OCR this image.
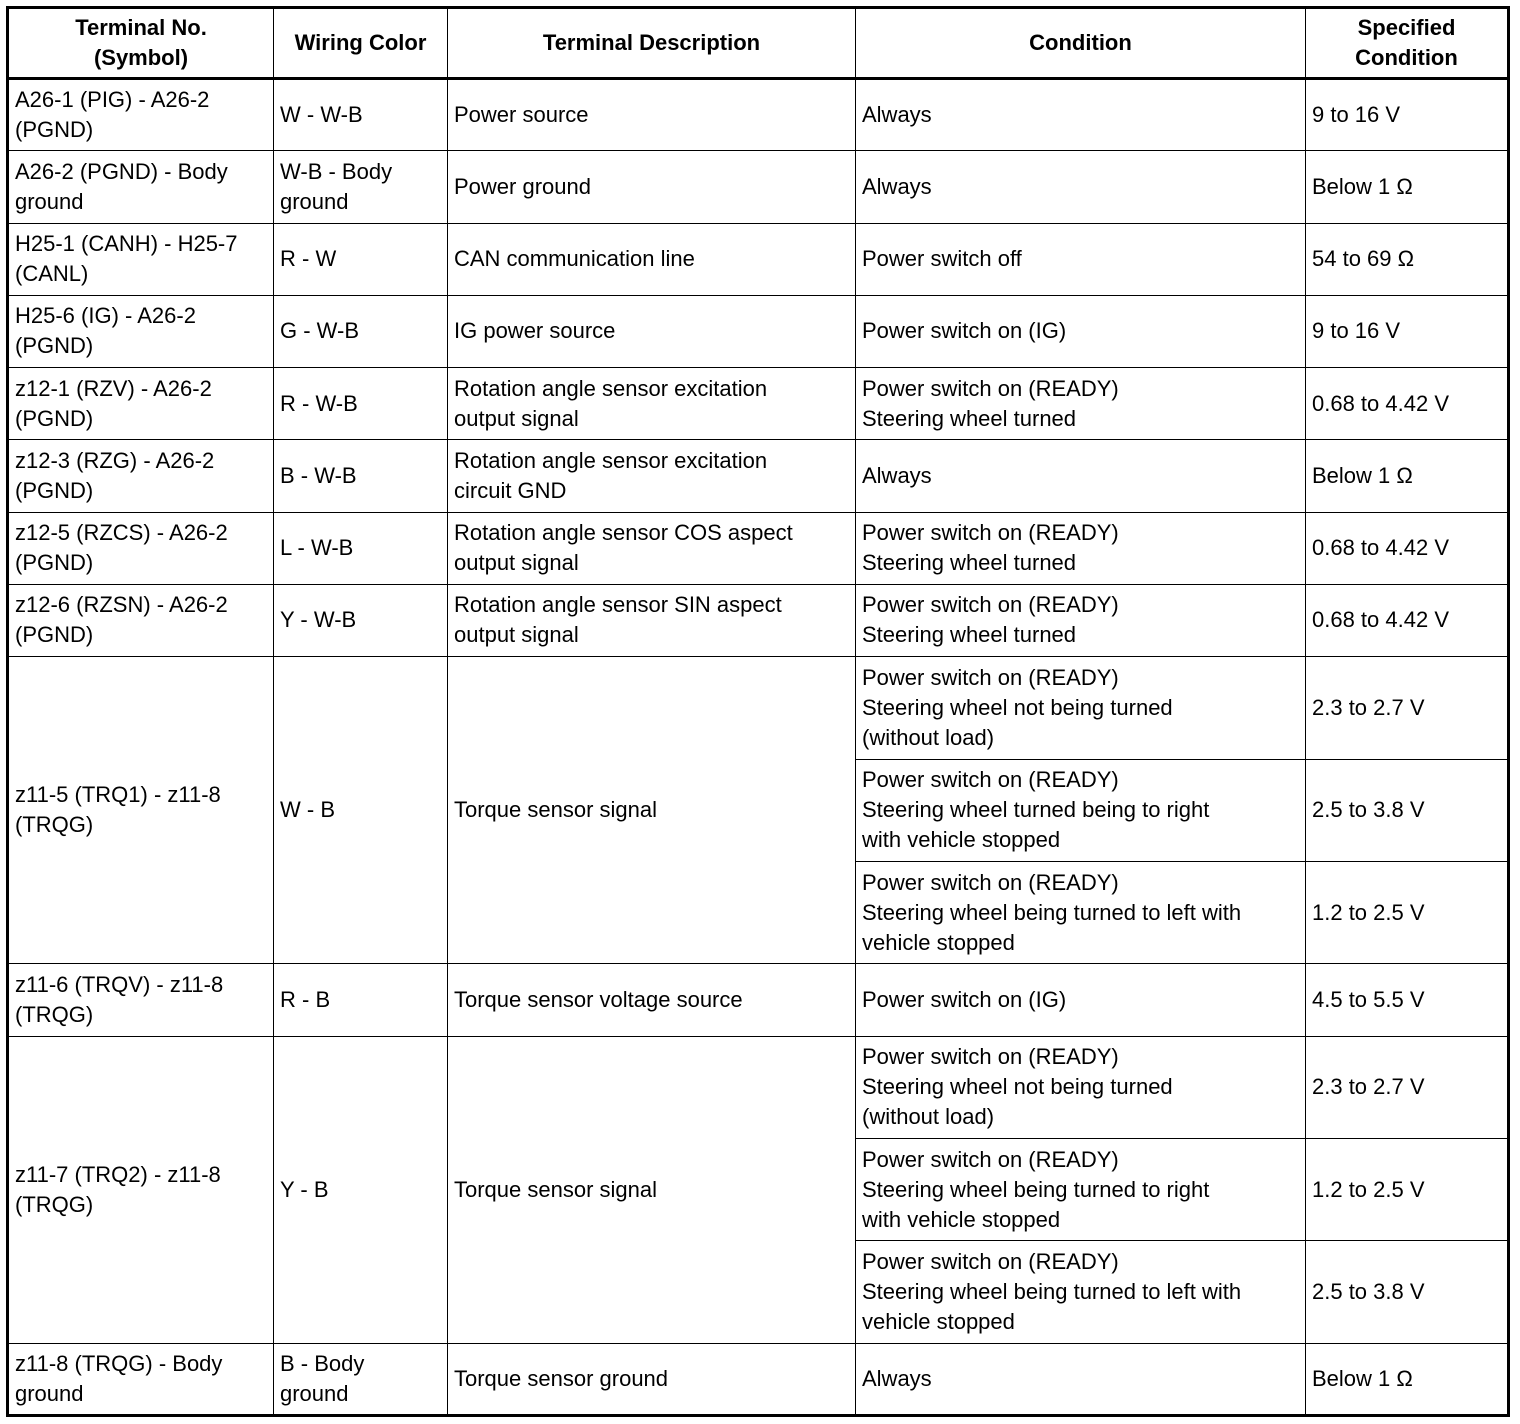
Terminal No.
(Symbol)	Wiring Color	Terminal Description	Condition	Specified
Condition
A26-1 (PIG) - A26-2
(PGND)	W - W-B	Power source	Always	9 to 16 V
A26-2 (PGND) - Body
ground	W-B - Body
ground	Power ground	Always	Below 1 Ω
H25-1 (CANH) - H25-7
(CANL)	R - W	CAN communication line	Power switch off	54 to 69 Ω
H25-6 (IG) - A26-2
(PGND)	G - W-B	IG power source	Power switch on (IG)	9 to 16 V
z12-1 (RZV) - A26-2
(PGND)	R - W-B	Rotation angle sensor excitation
output signal	Power switch on (READY)
Steering wheel turned	0.68 to 4.42 V
z12-3 (RZG) - A26-2
(PGND)	B - W-B	Rotation angle sensor excitation
circuit GND	Always	Below 1 Ω
z12-5 (RZCS) - A26-2
(PGND)	L - W-B	Rotation angle sensor COS aspect
output signal	Power switch on (READY)
Steering wheel turned	0.68 to 4.42 V
z12-6 (RZSN) - A26-2
(PGND)	Y - W-B	Rotation angle sensor SIN aspect
output signal	Power switch on (READY)
Steering wheel turned	0.68 to 4.42 V
z11-5 (TRQ1) - z11-8
(TRQG)	W - B	Torque sensor signal	Power switch on (READY)
Steering wheel not being turned
(without load)	2.3 to 2.7 V
			Power switch on (READY)
Steering wheel turned being to right
with vehicle stopped	2.5 to 3.8 V
			Power switch on (READY)
Steering wheel being turned to left with
vehicle stopped	1.2 to 2.5 V
z11-6 (TRQV) - z11-8
(TRQG)	R - B	Torque sensor voltage source	Power switch on (IG)	4.5 to 5.5 V
z11-7 (TRQ2) - z11-8
(TRQG)	Y - B	Torque sensor signal	Power switch on (READY)
Steering wheel not being turned
(without load)	2.3 to 2.7 V
			Power switch on (READY)
Steering wheel being turned to right
with vehicle stopped	1.2 to 2.5 V
			Power switch on (READY)
Steering wheel being turned to left with
vehicle stopped	2.5 to 3.8 V
z11-8 (TRQG) - Body
ground	B - Body
ground	Torque sensor ground	Always	Below 1 Ω
